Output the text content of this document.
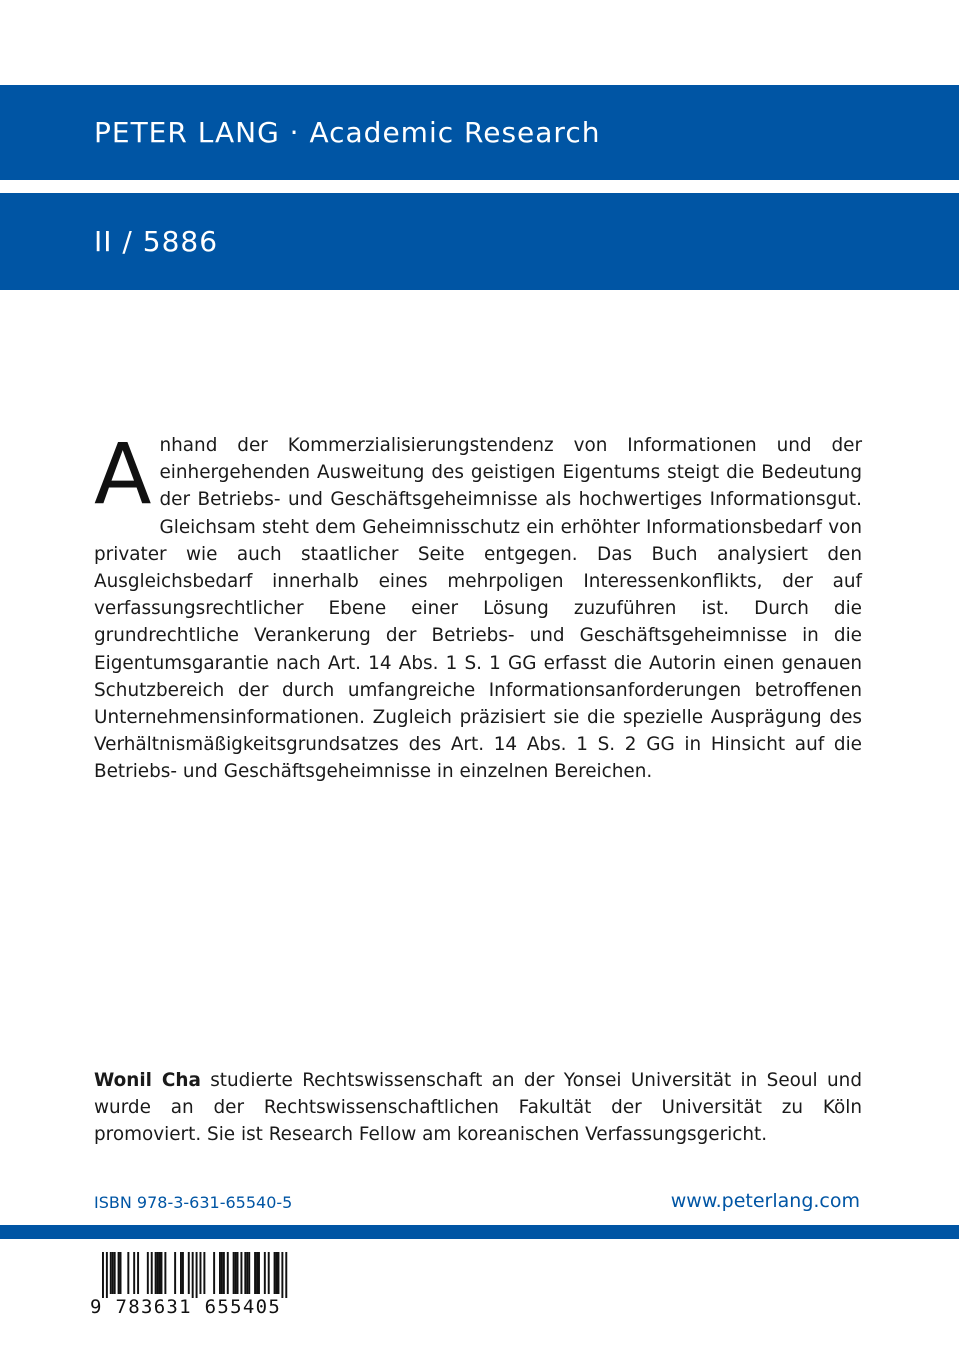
PETER LANG · Academic Research
II / 5886

Anhand der Kommerzialisierungstendenz von Informationen und der einhergehenden Ausweitung des geistigen Eigentums steigt die Bedeutung der Betriebs- und Geschäftsgeheimnisse als hochwertiges Informationsgut. Gleichsam steht dem Geheimnisschutz ein erhöhter Informationsbedarf von privater wie auch staatlicher Seite entgegen. Das Buch analysiert den Ausgleichsbedarf innerhalb eines mehrpoligen Interessenkonflikts, der auf verfassungsrechtlicher Ebene einer Lösung zuzuführen ist. Durch die grundrechtliche Verankerung der Betriebs- und Geschäftsgeheimnisse in die Eigentumsgarantie nach Art. 14 Abs. 1 S. 1 GG erfasst die Autorin einen genauen Schutzbereich der durch umfangreiche Informationsanforderungen betroffenen Unternehmensinformationen. Zugleich präzisiert sie die spezielle Ausprägung des Verhältnismäßigkeitsgrundsatzes des Art. 14 Abs. 1 S. 2 GG in Hinsicht auf die Betriebs- und Geschäftsgeheimnisse in einzelnen Bereichen.

Wonil Cha studierte Rechtswissenschaft an der Yonsei Universität in Seoul und wurde an der Rechtswissenschaftlichen Fakultät der Universität zu Köln promoviert. Sie ist Research Fellow am koreanischen Verfassungsgericht.

ISBN 978-3-631-65540-5	www.peterlang.com
9 783631 655405
